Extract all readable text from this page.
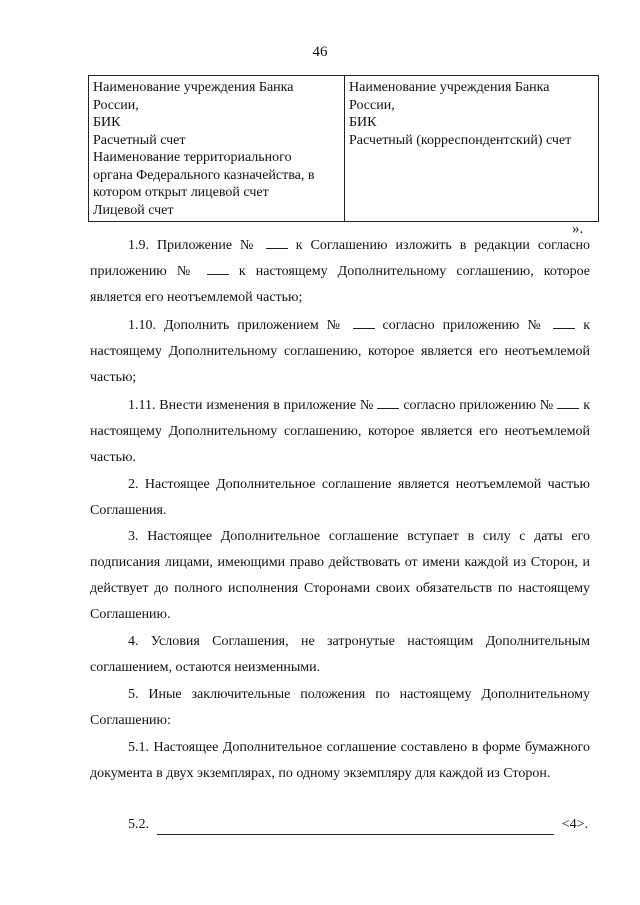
46
Наименование учреждения Банка
России,
БИК
Расчетный счет
Наименование территориального
органа Федерального казначейства, в
котором открыт лицевой счет
Лицевой счет

Наименование учреждения Банка
России,
БИК
Расчетный (корреспондентский) счет
».

1.9. Приложение №	к Соглашению изложить в редакции согласно приложению №	к настоящему Дополнительному соглашению, которое является его неотъемлемой частью;

1.10. Дополнить приложением №	согласно приложению №	к настоящему Дополнительному соглашению, которое является его неотъемлемой частью;

1.11. Внести изменения в приложение № согласно приложению № к настоящему Дополнительному соглашению, которое является его неотъемлемой частью.

2. Настоящее Дополнительное соглашение является неотъемлемой частью Соглашения.

3. Настоящее Дополнительное соглашение вступает в силу с даты его подписания лицами, имеющими право действовать от имени каждой из Сторон, и действует до полного исполнения Сторонами своих обязательств по настоящему Соглашению.

4. Условия Соглашения, не затронутые настоящим Дополнительным соглашением, остаются неизменными.

5. Иные заключительные положения по настоящему Дополнительному Соглашению:

5.1. Настоящее Дополнительное соглашение составлено в форме бумажного документа в двух экземплярах, по одному экземпляру для каждой из Сторон.

5.2.	<4>.
